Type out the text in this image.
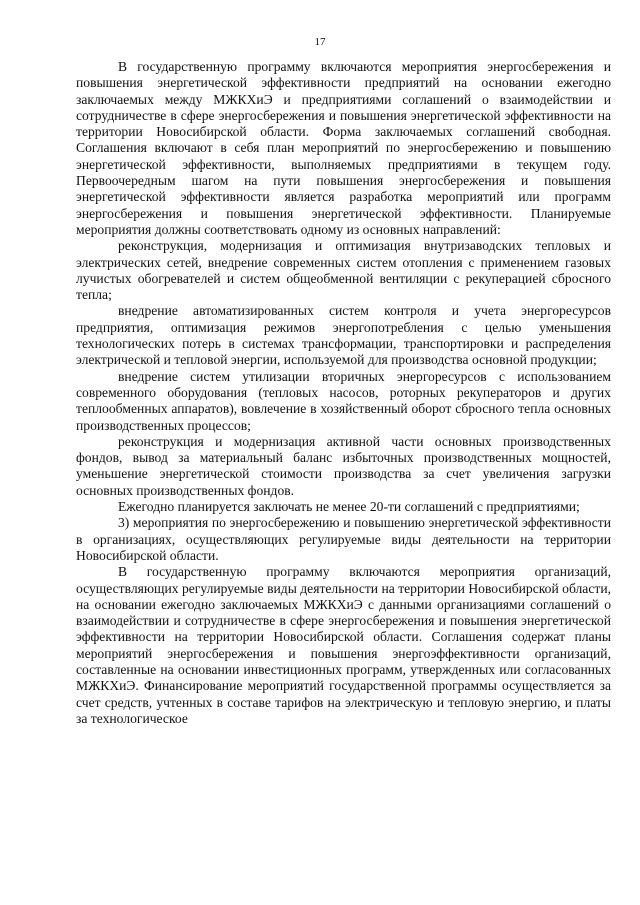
17

В государственную программу включаются мероприятия энергосбережения и повышения энергетической эффективности предприятий на основании ежегодно заключаемых между МЖКХиЭ и предприятиями соглашений о взаимодействии и сотрудничестве в сфере энергосбережения и повышения энергетической эффективности на территории Новосибирской области. Форма заключаемых соглашений свободная. Соглашения включают в себя план мероприятий по энергосбережению и повышению энергетической эффективности, выполняемых предприятиями в текущем году. Первоочередным шагом на пути повышения энергосбережения и повышения энергетической эффективности является разработка мероприятий или программ энергосбережения и повышения энергетической эффективности. Планируемые мероприятия должны соответствовать одному из основных направлений:

реконструкция, модернизация и оптимизация внутризаводских тепловых и электрических сетей, внедрение современных систем отопления с применением газовых лучистых обогревателей и систем общеобменной вентиляции с рекуперацией сбросного тепла;

внедрение автоматизированных систем контроля и учета энергоресурсов предприятия, оптимизация режимов энергопотребления с целью уменьшения технологических потерь в системах трансформации, транспортировки и распределения электрической и тепловой энергии, используемой для производства основной продукции;

внедрение систем утилизации вторичных энергоресурсов с использованием современного оборудования (тепловых насосов, роторных рекуператоров и других теплообменных аппаратов), вовлечение в хозяйственный оборот сбросного тепла основных производственных процессов;

реконструкция и модернизация активной части основных производственных фондов, вывод за материальный баланс избыточных производственных мощностей, уменьшение энергетической стоимости производства за счет увеличения загрузки основных производственных фондов.

Ежегодно планируется заключать не менее 20-ти соглашений с предприятиями;

3) мероприятия по энергосбережению и повышению энергетической эффективности в организациях, осуществляющих регулируемые виды деятельности на территории Новосибирской области.

В государственную программу включаются мероприятия организаций, осуществляющих регулируемые виды деятельности на территории Новосибирской области, на основании ежегодно заключаемых МЖКХиЭ с данными организациями соглашений о взаимодействии и сотрудничестве в сфере энергосбережения и повышения энергетической эффективности на территории Новосибирской области. Соглашения содержат планы мероприятий энергосбережения и повышения энергоэффективности организаций, составленные на основании инвестиционных программ, утвержденных или согласованных МЖКХиЭ. Финансирование мероприятий государственной программы осуществляется за счет средств, учтенных в составе тарифов на электрическую и тепловую энергию, и платы за технологическое
